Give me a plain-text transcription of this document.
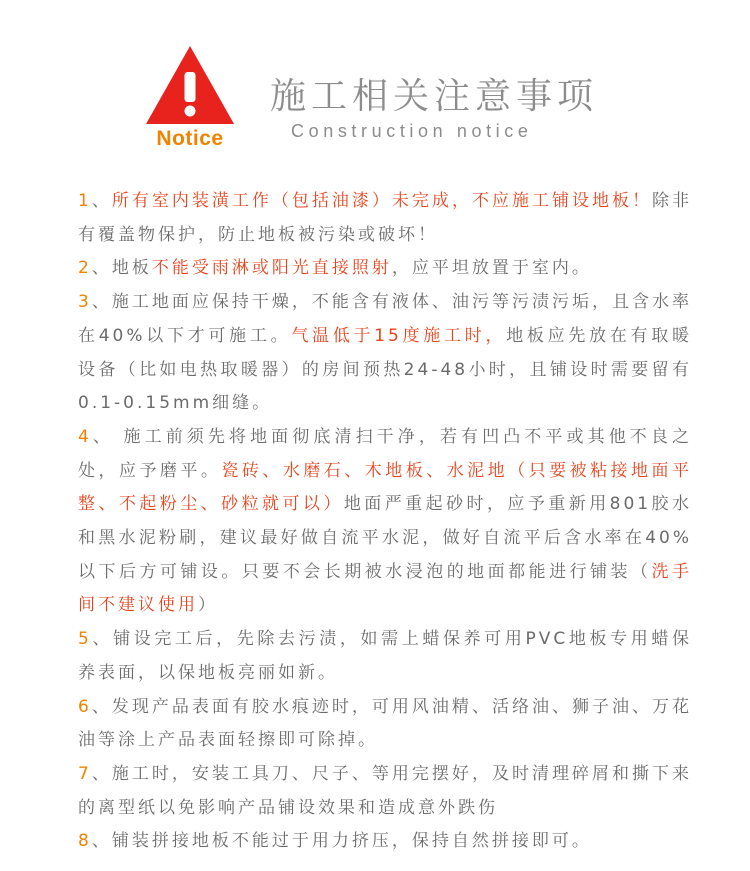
Notice
施工相关注意事项
Construction notice

1、所有室内装潢工作（包括油漆）未完成，不应施工铺设地板！除非有覆盖物保护，防止地板被污染或破坏！

2、地板不能受雨淋或阳光直接照射，应平坦放置于室内。

3、施工地面应保持干燥，不能含有液体、油污等污渍污垢，且含水率在40%以下才可施工。气温低于15度施工时，地板应先放在有取暖设备（比如电热取暖器）的房间预热24-48小时，且铺设时需要留有0.1-0.15mm细缝。

4、 施工前须先将地面彻底清扫干净，若有凹凸不平或其他不良之处，应予磨平。瓷砖、水磨石、木地板、水泥地（只要被粘接地面平整、不起粉尘、砂粒就可以）地面严重起砂时，应予重新用801胶水和黑水泥粉刷，建议最好做自流平水泥，做好自流平后含水率在40%以下后方可铺设。只要不会长期被水浸泡的地面都能进行铺装（洗手间不建议使用）

5、铺设完工后，先除去污渍，如需上蜡保养可用PVC地板专用蜡保养表面，以保地板亮丽如新。

6、发现产品表面有胶水痕迹时，可用风油精、活络油、狮子油、万花油等涂上产品表面轻擦即可除掉。

7、施工时，安装工具刀、尺子、等用完摆好，及时清理碎屑和撕下来的离型纸以免影响产品铺设效果和造成意外跌伤

8、铺装拼接地板不能过于用力挤压，保持自然拼接即可。
